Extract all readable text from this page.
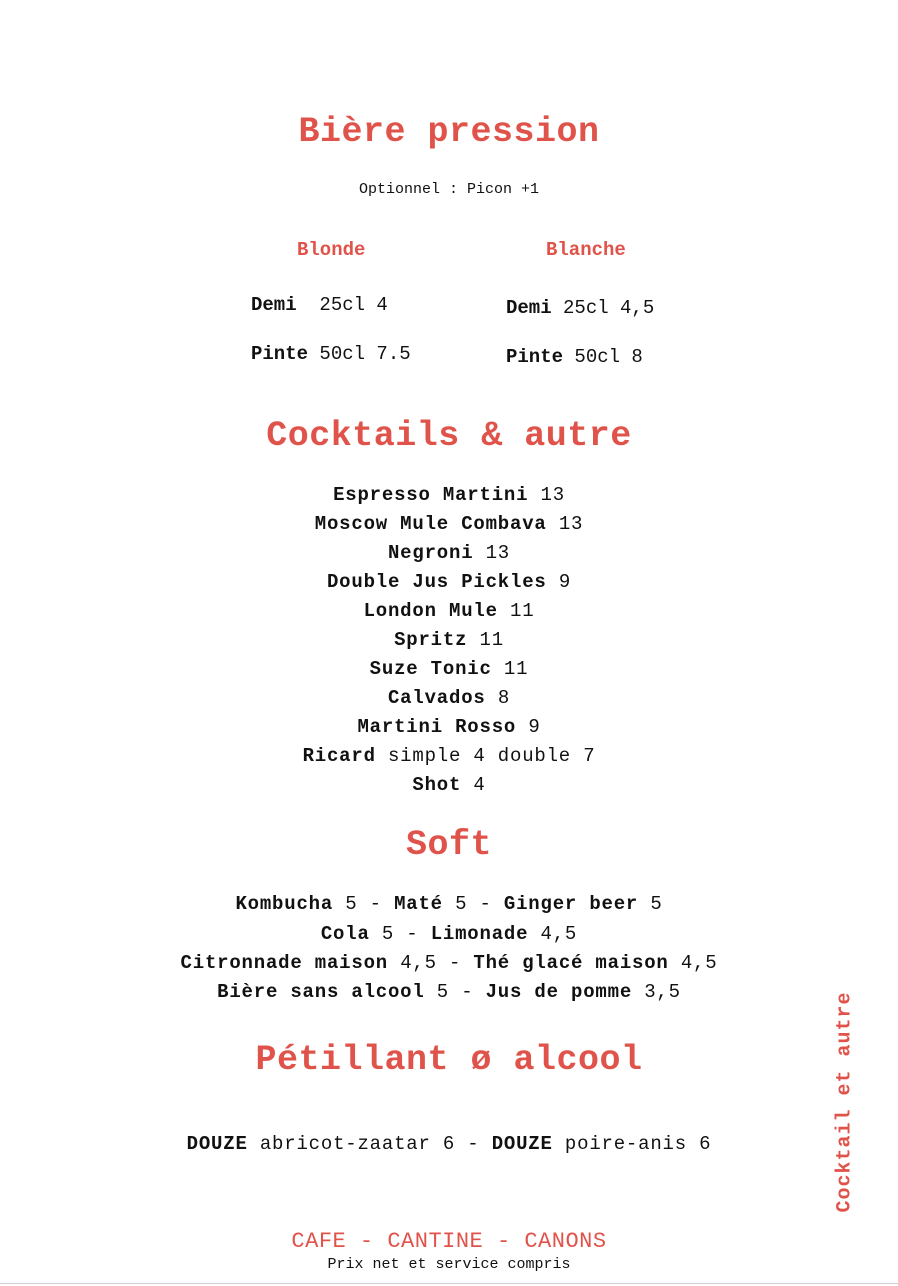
Bière pression
Optionnel : Picon +1
Blonde	Blanche
Demi 25cl 4
Pinte 50cl 7.5
Demi 25cl 4,5
Pinte 50cl 8
Cocktails & autre
Espresso Martini 13
Moscow Mule Combava 13
Negroni 13
Double Jus Pickles 9
London Mule 11
Spritz 11
Suze Tonic 11
Calvados 8
Martini Rosso 9
Ricard simple 4 double 7
Shot 4
Soft
Kombucha 5 - Maté 5 - Ginger beer 5
Cola 5 - Limonade 4,5
Citronnade maison 4,5 - Thé glacé maison 4,5
Bière sans alcool 5 - Jus de pomme 3,5
Pétillant ø alcool
DOUZE abricot-zaatar 6 - DOUZE poire-anis 6	Cocktail et autre
CAFE - CANTINE - CANONS
Prix net et service compris
